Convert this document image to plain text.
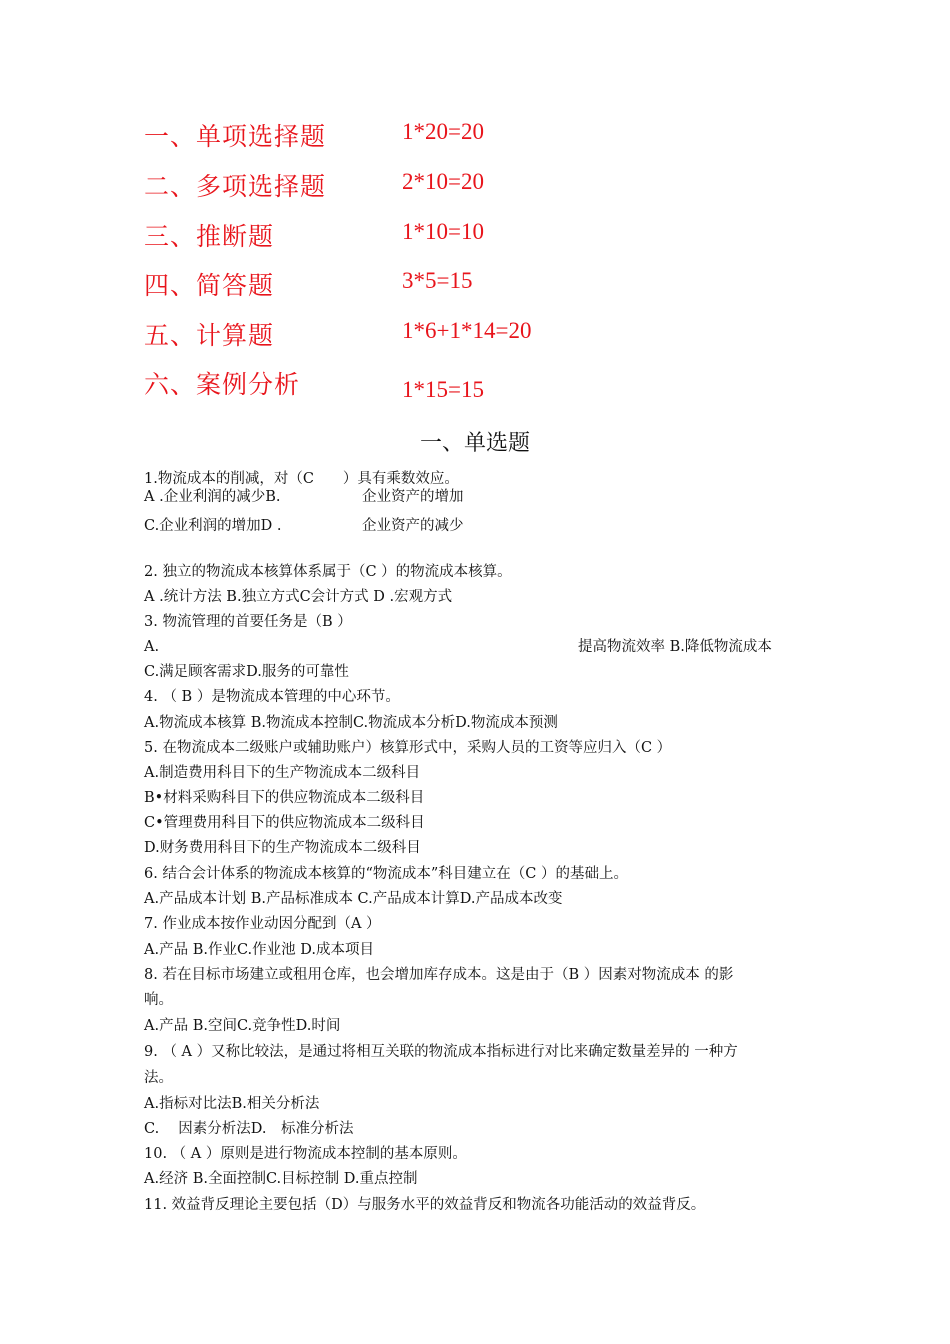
一、单项选择题	1*20=20
二、多项选择题	2*10=20
三、推断题	1*10=10
四、简答题	3*5=15
五、计算题	1*6+1*14=20
六、案例分析	1*15=15
一、单选题
1.物流成本的削减，对（C　　）具有乘数效应。
A .企业利润的减少B.	企业资产的增加
C.企业利润的增加D .	企业资产的减少
2. 独立的物流成本核算体系属于（C ）的物流成本核算。
A .统计方法 B.独立方式C会计方式 D .宏观方式
3. 物流管理的首要任务是（B ）
A.	提高物流效率 B.降低物流成本
C.满足顾客需求D.服务的可靠性
4. （ B ）是物流成本管理的中心环节。
A.物流成本核算 B.物流成本控制C.物流成本分析D.物流成本预测
5. 在物流成本二级账户或辅助账户）核算形式中，采购人员的工资等应归入（C ）
A.制造费用科目下的生产物流成本二级科目
B•材料采购科目下的供应物流成本二级科目
C•管理费用科目下的供应物流成本二级科目
D.财务费用科目下的生产物流成本二级科目
6. 结合会计体系的物流成本核算的“物流成本”科目建立在（C ）的基础上。
A.产品成本计划 B.产品标准成本 C.产品成本计算D.产品成本改变
7. 作业成本按作业动因分配到（A ）
A.产品 B.作业C.作业池 D.成本项目
8. 若在目标市场建立或租用仓库，也会增加库存成本。这是由于（B ）因素对物流成本 的影
响。
A.产品 B.空间C.竞争性D.时间
9. （ A ）又称比较法，是通过将相互关联的物流成本指标进行对比来确定数量差异的 一种方
法。
A.指标对比法B.相关分析法
C.　 因素分析法D.　标准分析法
10. （ A ）原则是进行物流成本控制的基本原则。
A.经济 B.全面控制C.目标控制 D.重点控制
11. 效益背反理论主要包括（D）与服务水平的效益背反和物流各功能活动的效益背反。
